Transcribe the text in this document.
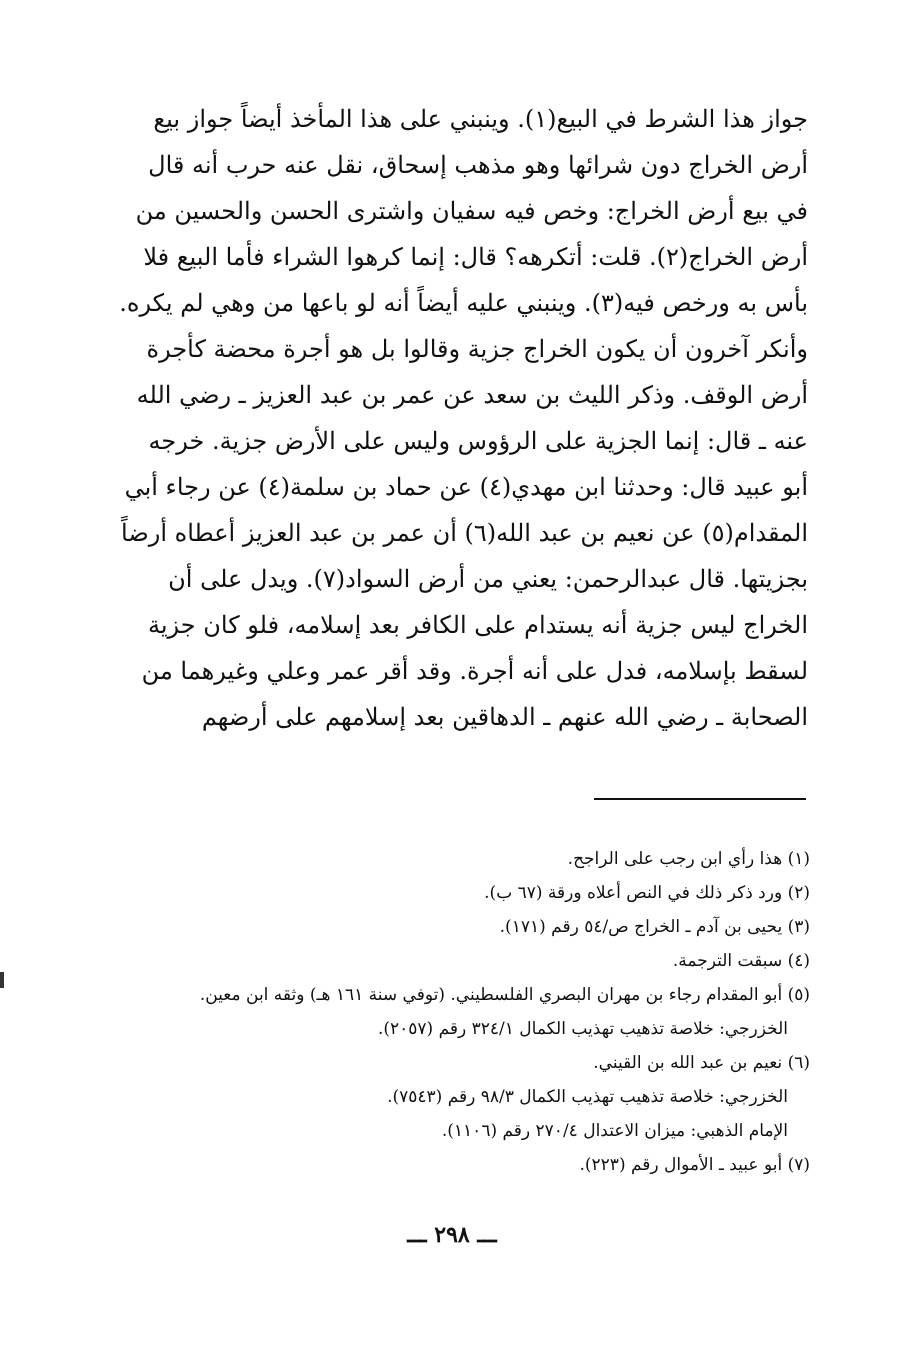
جواز هذا الشرط في البيع(١). وينبني على هذا المأخذ أيضاً جواز بيع
أرض الخراج دون شرائها وهو مذهب إسحاق، نقل عنه حرب أنه قال
في بيع أرض الخراج: وخص فيه سفيان واشترى الحسن والحسين من
أرض الخراج(٢). قلت: أتكرهه؟ قال: إنما كرهوا الشراء فأما البيع فلا
بأس به ورخص فيه(٣). وينبني عليه أيضاً أنه لو باعها من وهي لم يكره.
وأنكر آخرون أن يكون الخراج جزية وقالوا بل هو أجرة محضة كأجرة
أرض الوقف. وذكر الليث بن سعد عن عمر بن عبد العزيز ـ رضي الله
عنه ـ قال: إنما الجزية على الرؤوس وليس على الأرض جزية. خرجه
أبو عبيد قال: وحدثنا ابن مهدي(٤) عن حماد بن سلمة(٤) عن رجاء أبي
المقدام(٥) عن نعيم بن عبد الله(٦) أن عمر بن عبد العزيز أعطاه أرضاً
بجزيتها. قال عبدالرحمن: يعني من أرض السواد(٧). ويدل على أن
الخراج ليس جزية أنه يستدام على الكافر بعد إسلامه، فلو كان جزية
لسقط بإسلامه، فدل على أنه أجرة. وقد أقر عمر وعلي وغيرهما من
الصحابة ـ رضي الله عنهم ـ الدهاقين بعد إسلامهم على أرضهم
(١) هذا رأي ابن رجب على الراجح.
(٢) ورد ذكر ذلك في النص أعلاه ورقة (٦٧ ب).
(٣) يحيى بن آدم ـ الخراج ص/٥٤ رقم (١٧١).
(٤) سبقت الترجمة.
(٥) أبو المقدام رجاء بن مهران البصري الفلسطيني. (توفي سنة ١٦١ هـ) وثقه ابن معين.
الخزرجي: خلاصة تذهيب تهذيب الكمال ٣٢٤/١ رقم (٢٠٥٧).
(٦) نعيم بن عبد الله بن القيني.
الخزرجي: خلاصة تذهيب تهذيب الكمال ٩٨/٣ رقم (٧٥٤٣).
الإمام الذهبي: ميزان الاعتدال ٢٧٠/٤ رقم (١١٠٦).
(٧) أبو عبيد ـ الأموال رقم (٢٢٣).
ـــ ٢٩٨ ـــ
